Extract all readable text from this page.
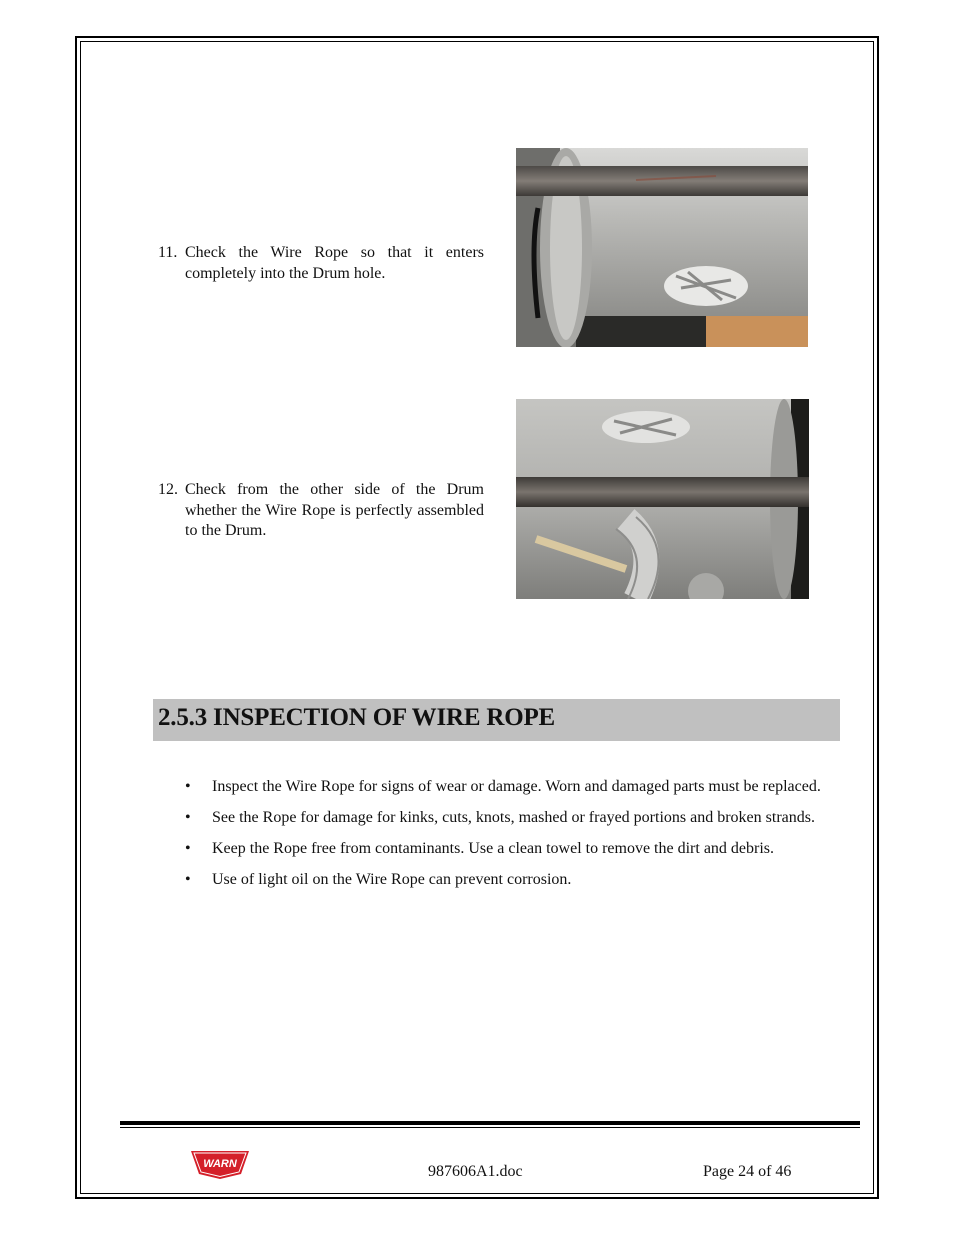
11. Check the Wire Rope so that it enters completely into the Drum hole.
12. Check from the other side of the Drum whether the Wire Rope is perfectly assembled to the Drum.
2.5.3 INSPECTION OF WIRE ROPE
• Inspect the Wire Rope for signs of wear or damage. Worn and damaged parts must be replaced.
• See the Rope for damage for kinks, cuts, knots, mashed or frayed portions and broken strands.
• Keep the Rope free from contaminants. Use a clean towel to remove the dirt and debris.
• Use of light oil on the Wire Rope can prevent corrosion.
WARN	987606A1.doc	Page 24 of 46
